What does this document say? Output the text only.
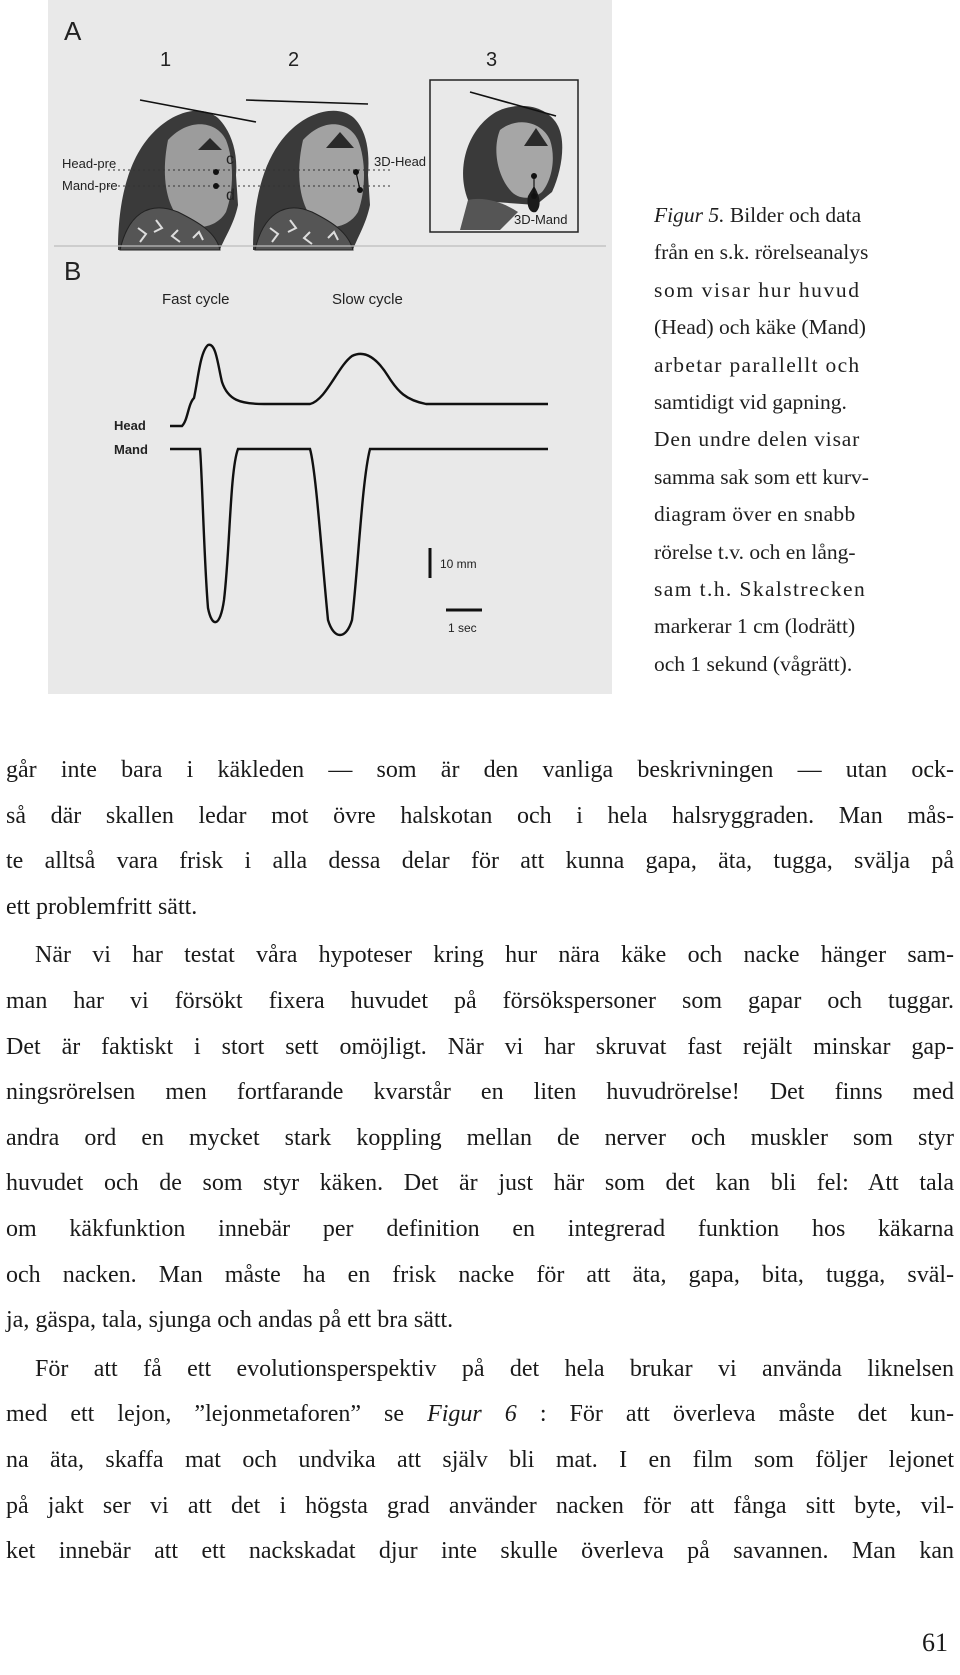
A
1	2	3
Head-pre
Mand-pre
c
d
3D-Head
3D-Mand
B
Fast cycle	Slow cycle
Head
Mand
10 mm
1 sec
Figur 5. Bilder och data
från en s.k. rörelseanalys
som visar hur huvud
(Head) och käke (Mand)
arbetar parallellt och
samtidigt vid gapning.
Den undre delen visar
samma sak som ett kurv-
diagram över en snabb
rörelse t.v. och en lång-
sam t.h. Skalstrecken
markerar 1 cm (lodrätt)
och 1 sekund (vågrätt).
går inte bara i käkleden — som är den vanliga beskrivningen — utan ock-
så där skallen ledar mot övre halskotan och i hela halsryggraden. Man mås-
te alltså vara frisk i alla dessa delar för att kunna gapa, äta, tugga, svälja på
ett problemfritt sätt.
När vi har testat våra hypoteser kring hur nära käke och nacke hänger sam-
man har vi försökt fixera huvudet på försökspersoner som gapar och tuggar.
Det är faktiskt i stort sett omöjligt. När vi har skruvat fast rejält minskar gap-
ningsrörelsen men fortfarande kvarstår en liten huvudrörelse! Det finns med
andra ord en mycket stark koppling mellan de nerver och muskler som styr
huvudet och de som styr käken. Det är just här som det kan bli fel: Att tala
om käkfunktion innebär per definition en integrerad funktion hos käkarna
och nacken. Man måste ha en frisk nacke för att äta, gapa, bita, tugga, sväl-
ja, gäspa, tala, sjunga och andas på ett bra sätt.
För att få ett evolutionsperspektiv på det hela brukar vi använda liknelsen
med ett lejon, ”lejonmetaforen” se Figur 6 : För att överleva måste det kun-
na äta, skaffa mat och undvika att själv bli mat. I en film som följer lejonet
på jakt ser vi att det i högsta grad använder nacken för att fånga sitt byte, vil-
ket innebär att ett nackskadat djur inte skulle överleva på savannen. Man kan
61
